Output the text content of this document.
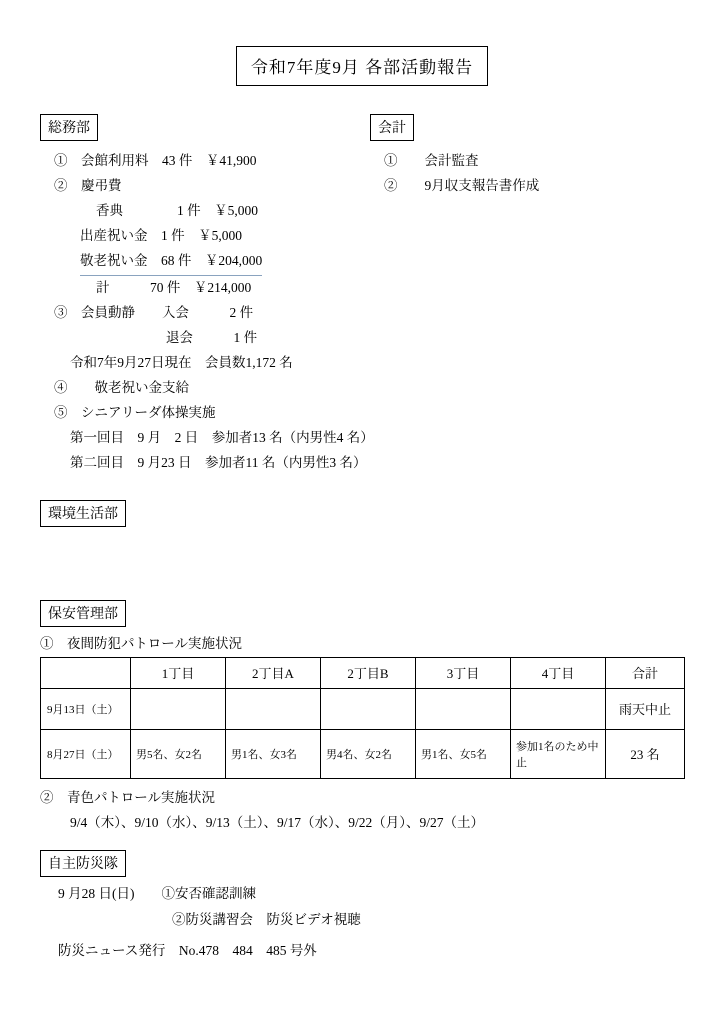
令和7年度9月 各部活動報告
総務部
①　会館利用料　43 件　￥41,900
②　慶弔費
香典　　　　1 件　￥5,000
出産祝い金　1 件　￥5,000
敬老祝い金　68 件　￥204,000
計　　　70 件　￥214,000
③　会員動静　　入会　　　2 件
退会　　　1 件
令和7年9月27日現在　会員数1,172 名
④　　敬老祝い金支給
⑤　シニアリーダ体操実施
第一回目　9 月　2 日　参加者13 名（内男性4 名）
第二回目　9 月23 日　参加者11 名（内男性3 名）
会計
①　　会計監査
②　　9月収支報告書作成
環境生活部
保安管理部
①　夜間防犯パトロール実施状況
	1丁目	2丁目A	2丁目B	3丁目	4丁目	合計
9月13日（土）						雨天中止
8月27日（土）	男5名、女2名	男1名、女3名	男4名、女2名	男1名、女5名	参加1名のため中止	23 名
②　青色パトロール実施状況
9/4（木）、9/10（水）、9/13（土）、9/17（水）、9/22（月）、9/27（土）
自主防災隊
9 月28 日(日)　　①安否確認訓練
②防災講習会　防災ビデオ視聴
防災ニュース発行　No.478　484　485 号外
